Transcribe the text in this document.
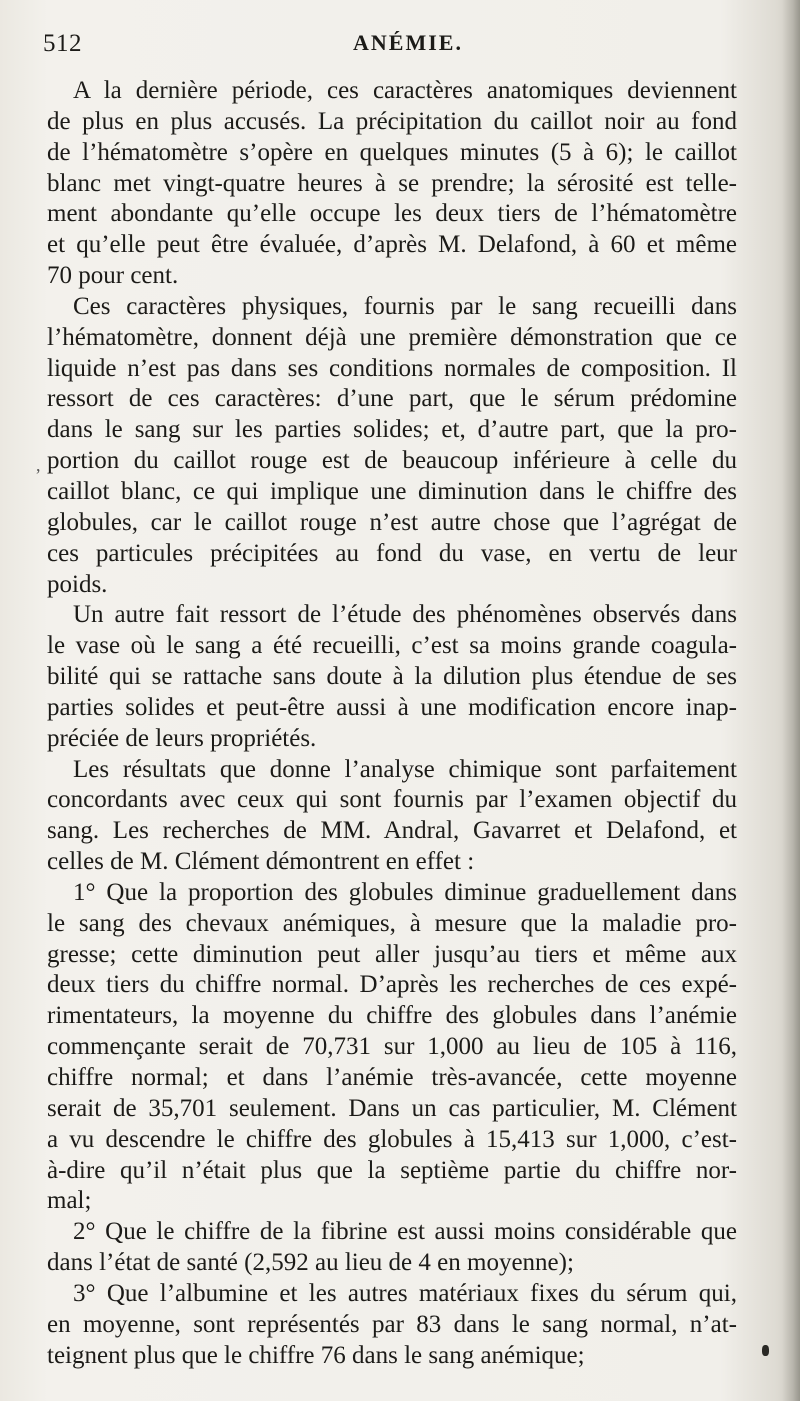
512	ANÉMIE.
A la dernière période, ces caractères anatomiques deviennent
de plus en plus accusés. La précipitation du caillot noir au fond
de l’hématomètre s’opère en quelques minutes (5 à 6); le caillot
blanc met vingt-quatre heures à se prendre; la sérosité est telle-
ment abondante qu’elle occupe les deux tiers de l’hématomètre
et qu’elle peut être évaluée, d’après M. Delafond, à 60 et même
70 pour cent.
Ces caractères physiques, fournis par le sang recueilli dans
l’hématomètre, donnent déjà une première démonstration que ce
liquide n’est pas dans ses conditions normales de composition. Il
ressort de ces caractères: d’une part, que le sérum prédomine
dans le sang sur les parties solides; et, d’autre part, que la pro-
portion du caillot rouge est de beaucoup inférieure à celle du
caillot blanc, ce qui implique une diminution dans le chiffre des
globules, car le caillot rouge n’est autre chose que l’agrégat de
ces particules précipitées au fond du vase, en vertu de leur
poids.
Un autre fait ressort de l’étude des phénomènes observés dans
le vase où le sang a été recueilli, c’est sa moins grande coagula-
bilité qui se rattache sans doute à la dilution plus étendue de ses
parties solides et peut-être aussi à une modification encore inap-
préciée de leurs propriétés.
Les résultats que donne l’analyse chimique sont parfaitement
concordants avec ceux qui sont fournis par l’examen objectif du
sang. Les recherches de MM. Andral, Gavarret et Delafond, et
celles de M. Clément démontrent en effet :
1° Que la proportion des globules diminue graduellement dans
le sang des chevaux anémiques, à mesure que la maladie pro-
gresse; cette diminution peut aller jusqu’au tiers et même aux
deux tiers du chiffre normal. D’après les recherches de ces expé-
rimentateurs, la moyenne du chiffre des globules dans l’anémie
commençante serait de 70,731 sur 1,000 au lieu de 105 à 116,
chiffre normal; et dans l’anémie très-avancée, cette moyenne
serait de 35,701 seulement. Dans un cas particulier, M. Clément
a vu descendre le chiffre des globules à 15,413 sur 1,000, c’est-
à-dire qu’il n’était plus que la septième partie du chiffre nor-
mal;
2° Que le chiffre de la fibrine est aussi moins considérable que
dans l’état de santé (2,592 au lieu de 4 en moyenne);
3° Que l’albumine et les autres matériaux fixes du sérum qui,
en moyenne, sont représentés par 83 dans le sang normal, n’at-
teignent plus que le chiffre 76 dans le sang anémique;
,
